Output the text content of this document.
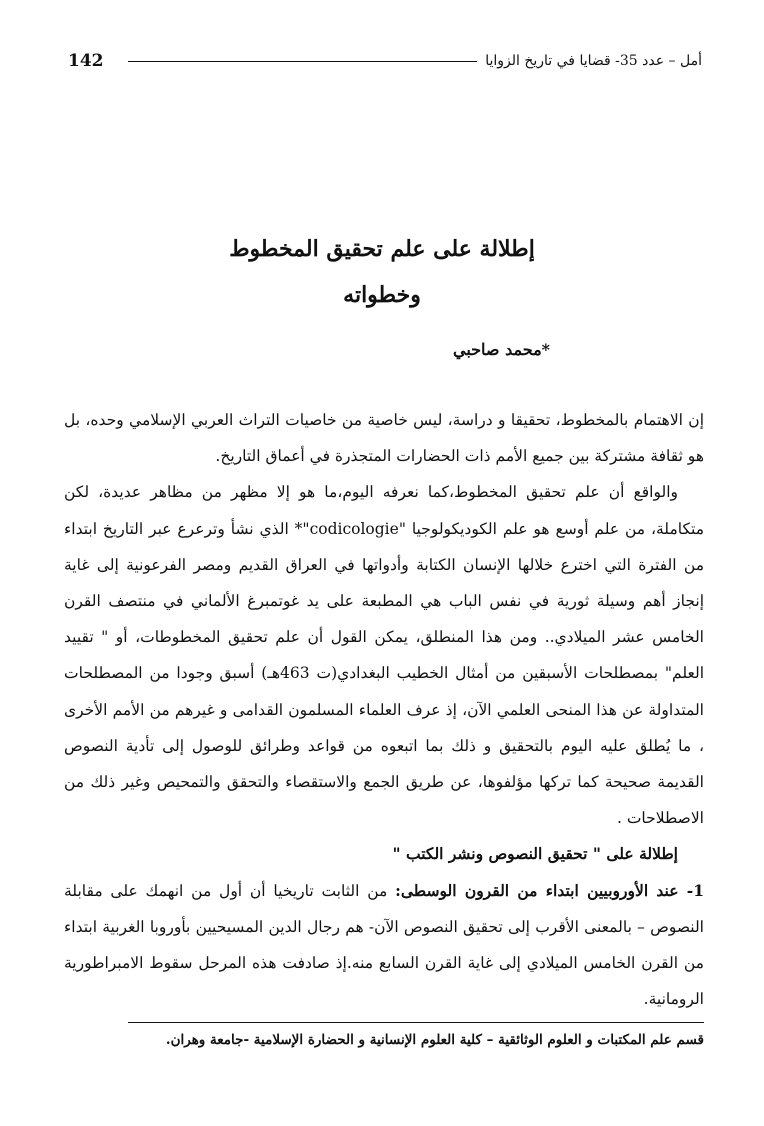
142	أمل – عدد 35- قضايا في تاريخ الزوايا

إطلالة على علم تحقيق المخطوط

وخطواته

*محمد صاحبي

إن الاهتمام بالمخطوط، تحقيقا و دراسة، ليس خاصية من خاصيات التراث العربي الإسلامي وحده، بل هو ثقافة مشتركة بين جميع الأمم ذات الحضارات المتجذرة في أعماق التاريخ.

والواقع أن علم تحقيق المخطوط،كما نعرفه اليوم،ما هو إلا مظهر من مظاهر عديدة، لكن متكاملة، من علم أوسع هو علم الكوديكولوجيا "codicologie"* الذي نشأ وترعرع عبر التاريخ ابتداء من الفترة التي اخترع خلالها الإنسان الكتابة وأدواتها في العراق القديم ومصر الفرعونية إلى غاية إنجاز أهم وسيلة ثورية في نفس الباب هي المطبعة على يد غوتمبرغ الألماني في منتصف القرن الخامس عشر الميلادي.. ومن هذا المنطلق، يمكن القول أن علم تحقيق المخطوطات، أو " تقييد العلم" بمصطلحات الأسبقين من أمثال الخطيب البغدادي(ت 463هـ) أسبق وجودا من المصطلحات المتداولة عن هذا المنحى العلمي الآن، إذ عرف العلماء المسلمون القدامى و غيرهم من الأمم الأخرى ، ما يُطلق عليه اليوم بالتحقيق و ذلك بما اتبعوه من قواعد وطرائق للوصول إلى تأدية النصوص القديمة صحيحة كما تركها مؤلفوها، عن طريق الجمع والاستقصاء والتحقق والتمحيص وغير ذلك من الاصطلاحات .

إطلالة على " تحقيق النصوص ونشر الكتب "

1- عند الأوروبيين ابتداء من القرون الوسطى: من الثابت تاريخيا أن أول من انهمك على مقابلة النصوص – بالمعنى الأقرب إلى تحقيق النصوص الآن- هم رجال الدين المسيحيين بأوروبا الغربية ابتداء من القرن الخامس الميلادي إلى غاية القرن السابع منه.إذ صادفت هذه المرحل سقوط الامبراطورية الرومانية.

قسم علم المكتبات و العلوم الوثائقية – كلية العلوم الإنسانية و الحضارة الإسلامية -جامعة وهران.
